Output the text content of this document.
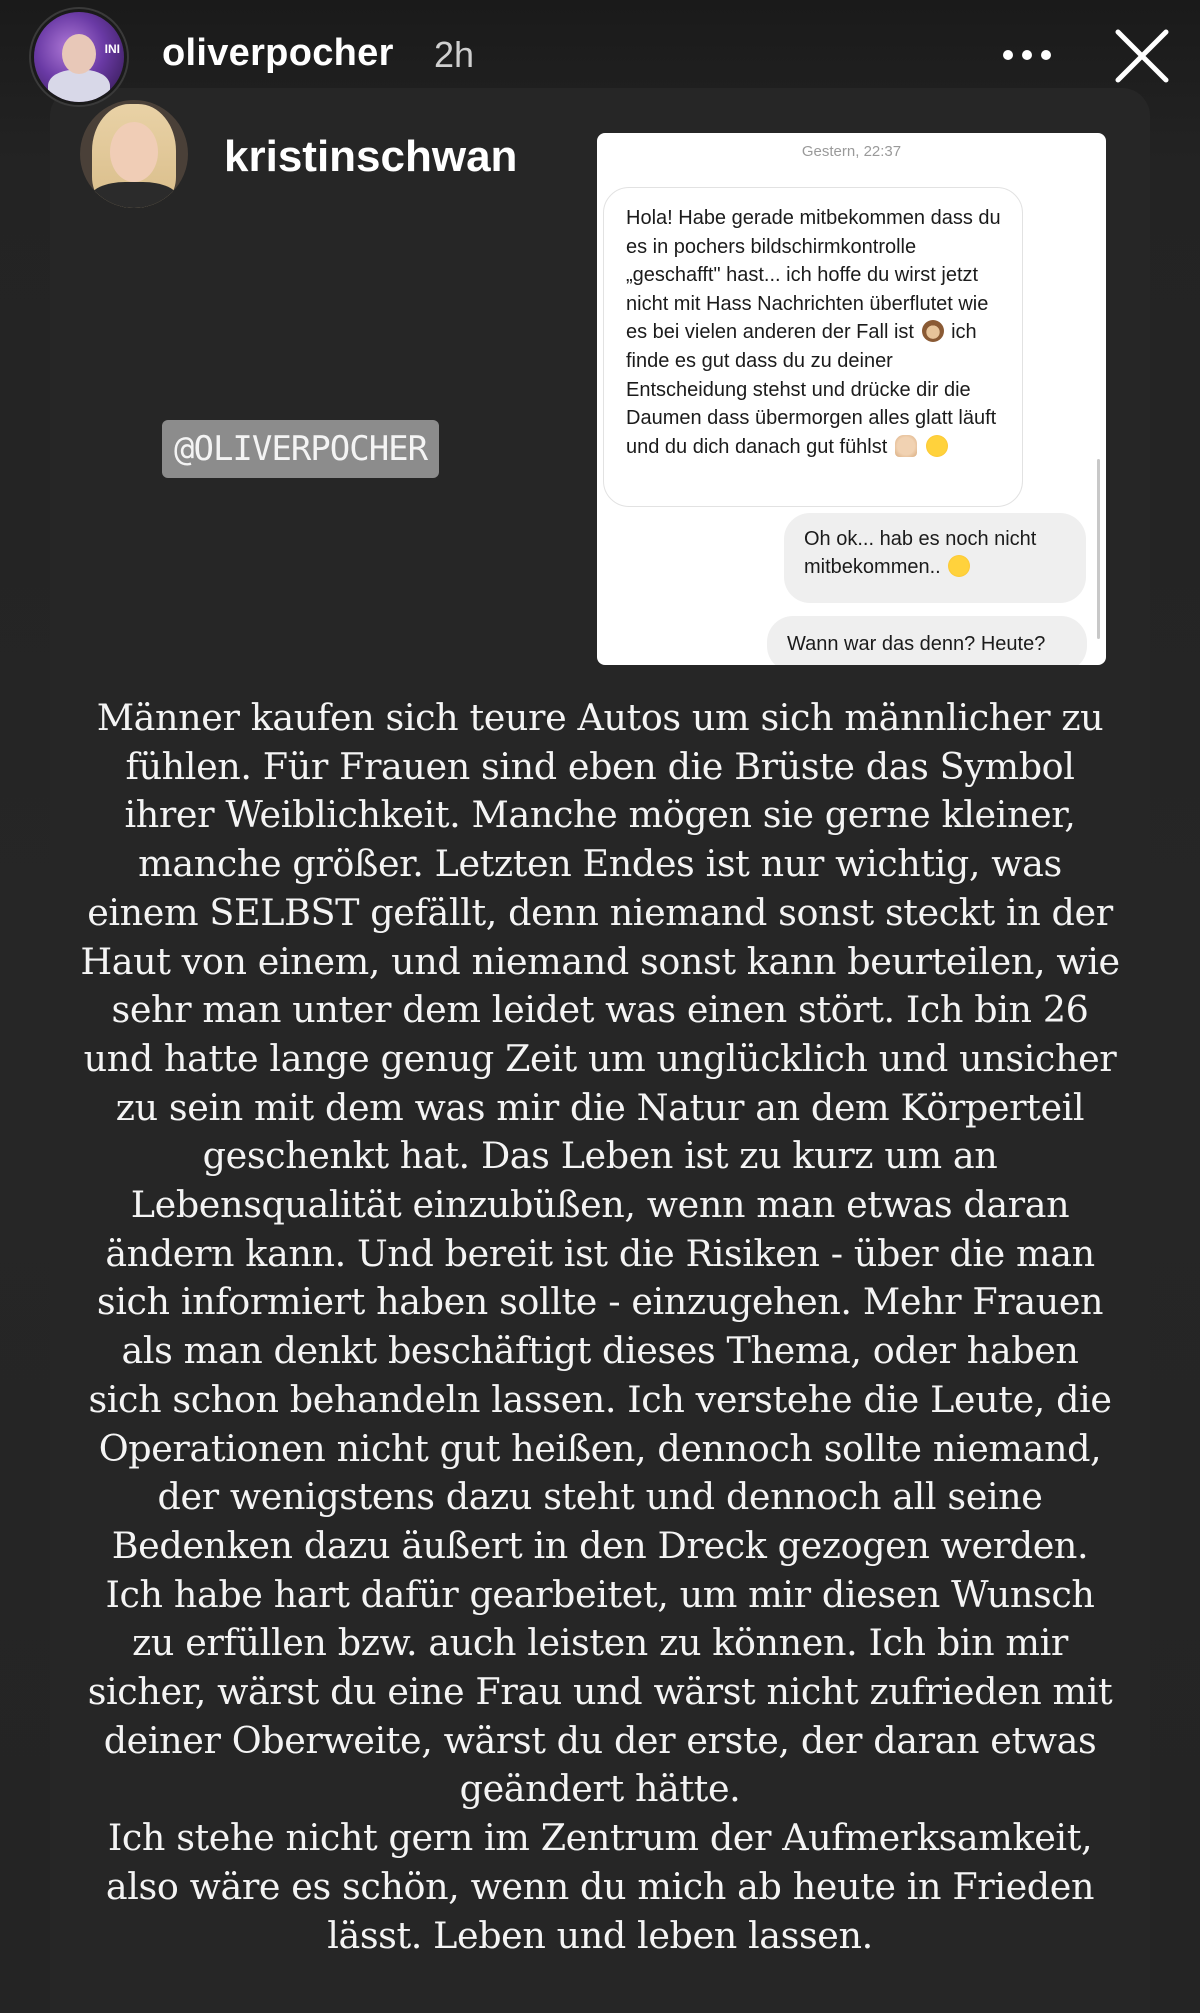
INI oliverpocher 2h
kristinschwan
@OLIVERPOCHER
Gestern, 22:37
Hola! Habe gerade mitbekommen dass du es in pochers bildschirmkontrolle „geschafft" hast... ich hoffe du wirst jetzt nicht mit Hass Nachrichten überflutet wie es bei vielen anderen der Fall ist ich finde es gut dass du zu deiner Entscheidung stehst und drücke dir die Daumen dass übermorgen alles glatt läuft und du dich danach gut fühlst
Oh ok... hab es noch nicht mitbekommen..
Wann war das denn? Heute?

Männer kaufen sich teure Autos um sich männlicher zu fühlen. Für Frauen sind eben die Brüste das Symbol ihrer Weiblichkeit. Manche mögen sie gerne kleiner, manche größer. Letzten Endes ist nur wichtig, was einem SELBST gefällt, denn niemand sonst steckt in der Haut von einem, und niemand sonst kann beurteilen, wie sehr man unter dem leidet was einen stört. Ich bin 26 und hatte lange genug Zeit um unglücklich und unsicher zu sein mit dem was mir die Natur an dem Körperteil geschenkt hat. Das Leben ist zu kurz um an Lebensqualität einzubüßen, wenn man etwas daran ändern kann. Und bereit ist die Risiken - über die man sich informiert haben sollte - einzugehen. Mehr Frauen als man denkt beschäftigt dieses Thema, oder haben sich schon behandeln lassen. Ich verstehe die Leute, die Operationen nicht gut heißen, dennoch sollte niemand, der wenigstens dazu steht und dennoch all seine Bedenken dazu äußert in den Dreck gezogen werden. Ich habe hart dafür gearbeitet, um mir diesen Wunsch zu erfüllen bzw. auch leisten zu können. Ich bin mir sicher, wärst du eine Frau und wärst nicht zufrieden mit deiner Oberweite, wärst du der erste, der daran etwas geändert hätte.

Ich stehe nicht gern im Zentrum der Aufmerksamkeit, also wäre es schön, wenn du mich ab heute in Frieden lässt. Leben und leben lassen.
